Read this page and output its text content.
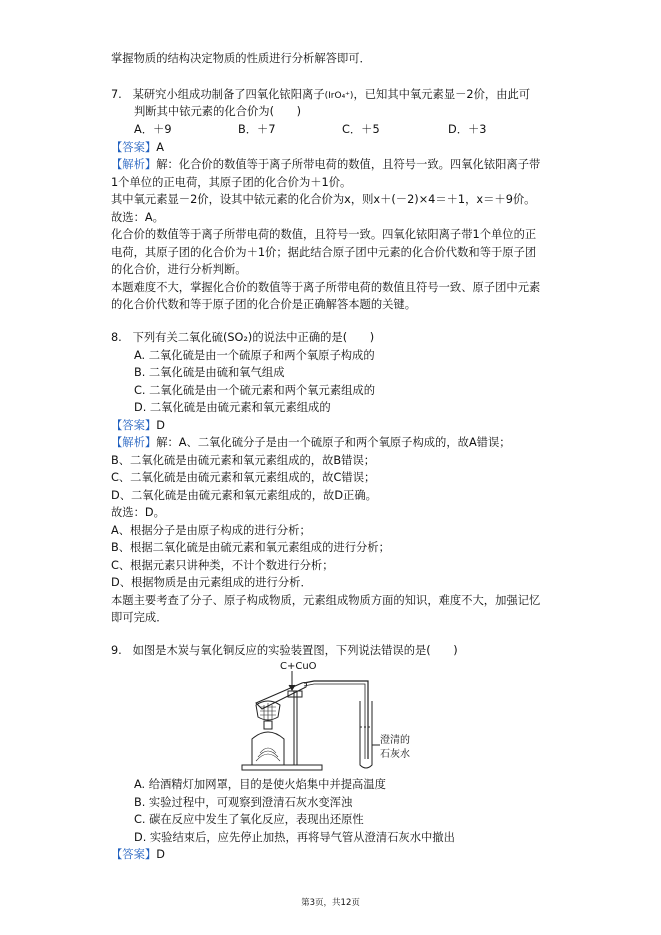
掌握物质的结构决定物质的性质进行分析解答即可．
7. 某研究小组成功制备了四氧化铱阳离子(IrO₄⁺)，已知其中氧元素显－2价，由此可
判断其中铱元素的化合价为(　　)
A．＋9	B．＋7	C．＋5	D．＋3
【答案】A
【解析】解：化合价的数值等于离子所带电荷的数值，且符号一致。四氧化铱阳离子带
1个单位的正电荷，其原子团的化合价为＋1价。
其中氧元素显－2价，设其中铱元素的化合价为x，则x＋(－2)×4＝＋1，x＝＋9价。
故选：A。
化合价的数值等于离子所带电荷的数值，且符号一致。四氧化铱阳离子带1个单位的正
电荷，其原子团的化合价为＋1价；据此结合原子团中元素的化合价代数和等于原子团
的化合价，进行分析判断。
本题难度不大，掌握化合价的数值等于离子所带电荷的数值且符号一致、原子团中元素
的化合价代数和等于原子团的化合价是正确解答本题的关键。
8. 下列有关二氧化硫(SO₂)的说法中正确的是(　　)
A. 二氧化硫是由一个硫原子和两个氧原子构成的
B. 二氧化硫是由硫和氧气组成
C. 二氧化硫是由一个硫元素和两个氧元素组成的
D. 二氧化硫是由硫元素和氧元素组成的
【答案】D
【解析】解：A、二氧化硫分子是由一个硫原子和两个氧原子构成的，故A错误；
B、二氧化硫是由硫元素和氧元素组成的，故B错误；
C、二氧化硫是由硫元素和氧元素组成的，故C错误；
D、二氧化硫是由硫元素和氧元素组成的，故D正确。
故选：D。
A、根据分子是由原子构成的进行分析；
B、根据二氧化硫是由硫元素和氧元素组成的进行分析；
C、根据元素只讲种类，不计个数进行分析；
D、根据物质是由元素组成的进行分析．
本题主要考查了分子、原子构成物质，元素组成物质方面的知识，难度不大，加强记忆
即可完成．
9. 如图是木炭与氧化铜反应的实验装置图，下列说法错误的是(　　)
C+CuO
澄清的
石灰水
A. 给酒精灯加网罩，目的是使火焰集中并提高温度
B. 实验过程中，可观察到澄清石灰水变浑浊
C. 碳在反应中发生了氧化反应，表现出还原性
D. 实验结束后，应先停止加热，再将导气管从澄清石灰水中撤出
【答案】D
第3页，共12页
